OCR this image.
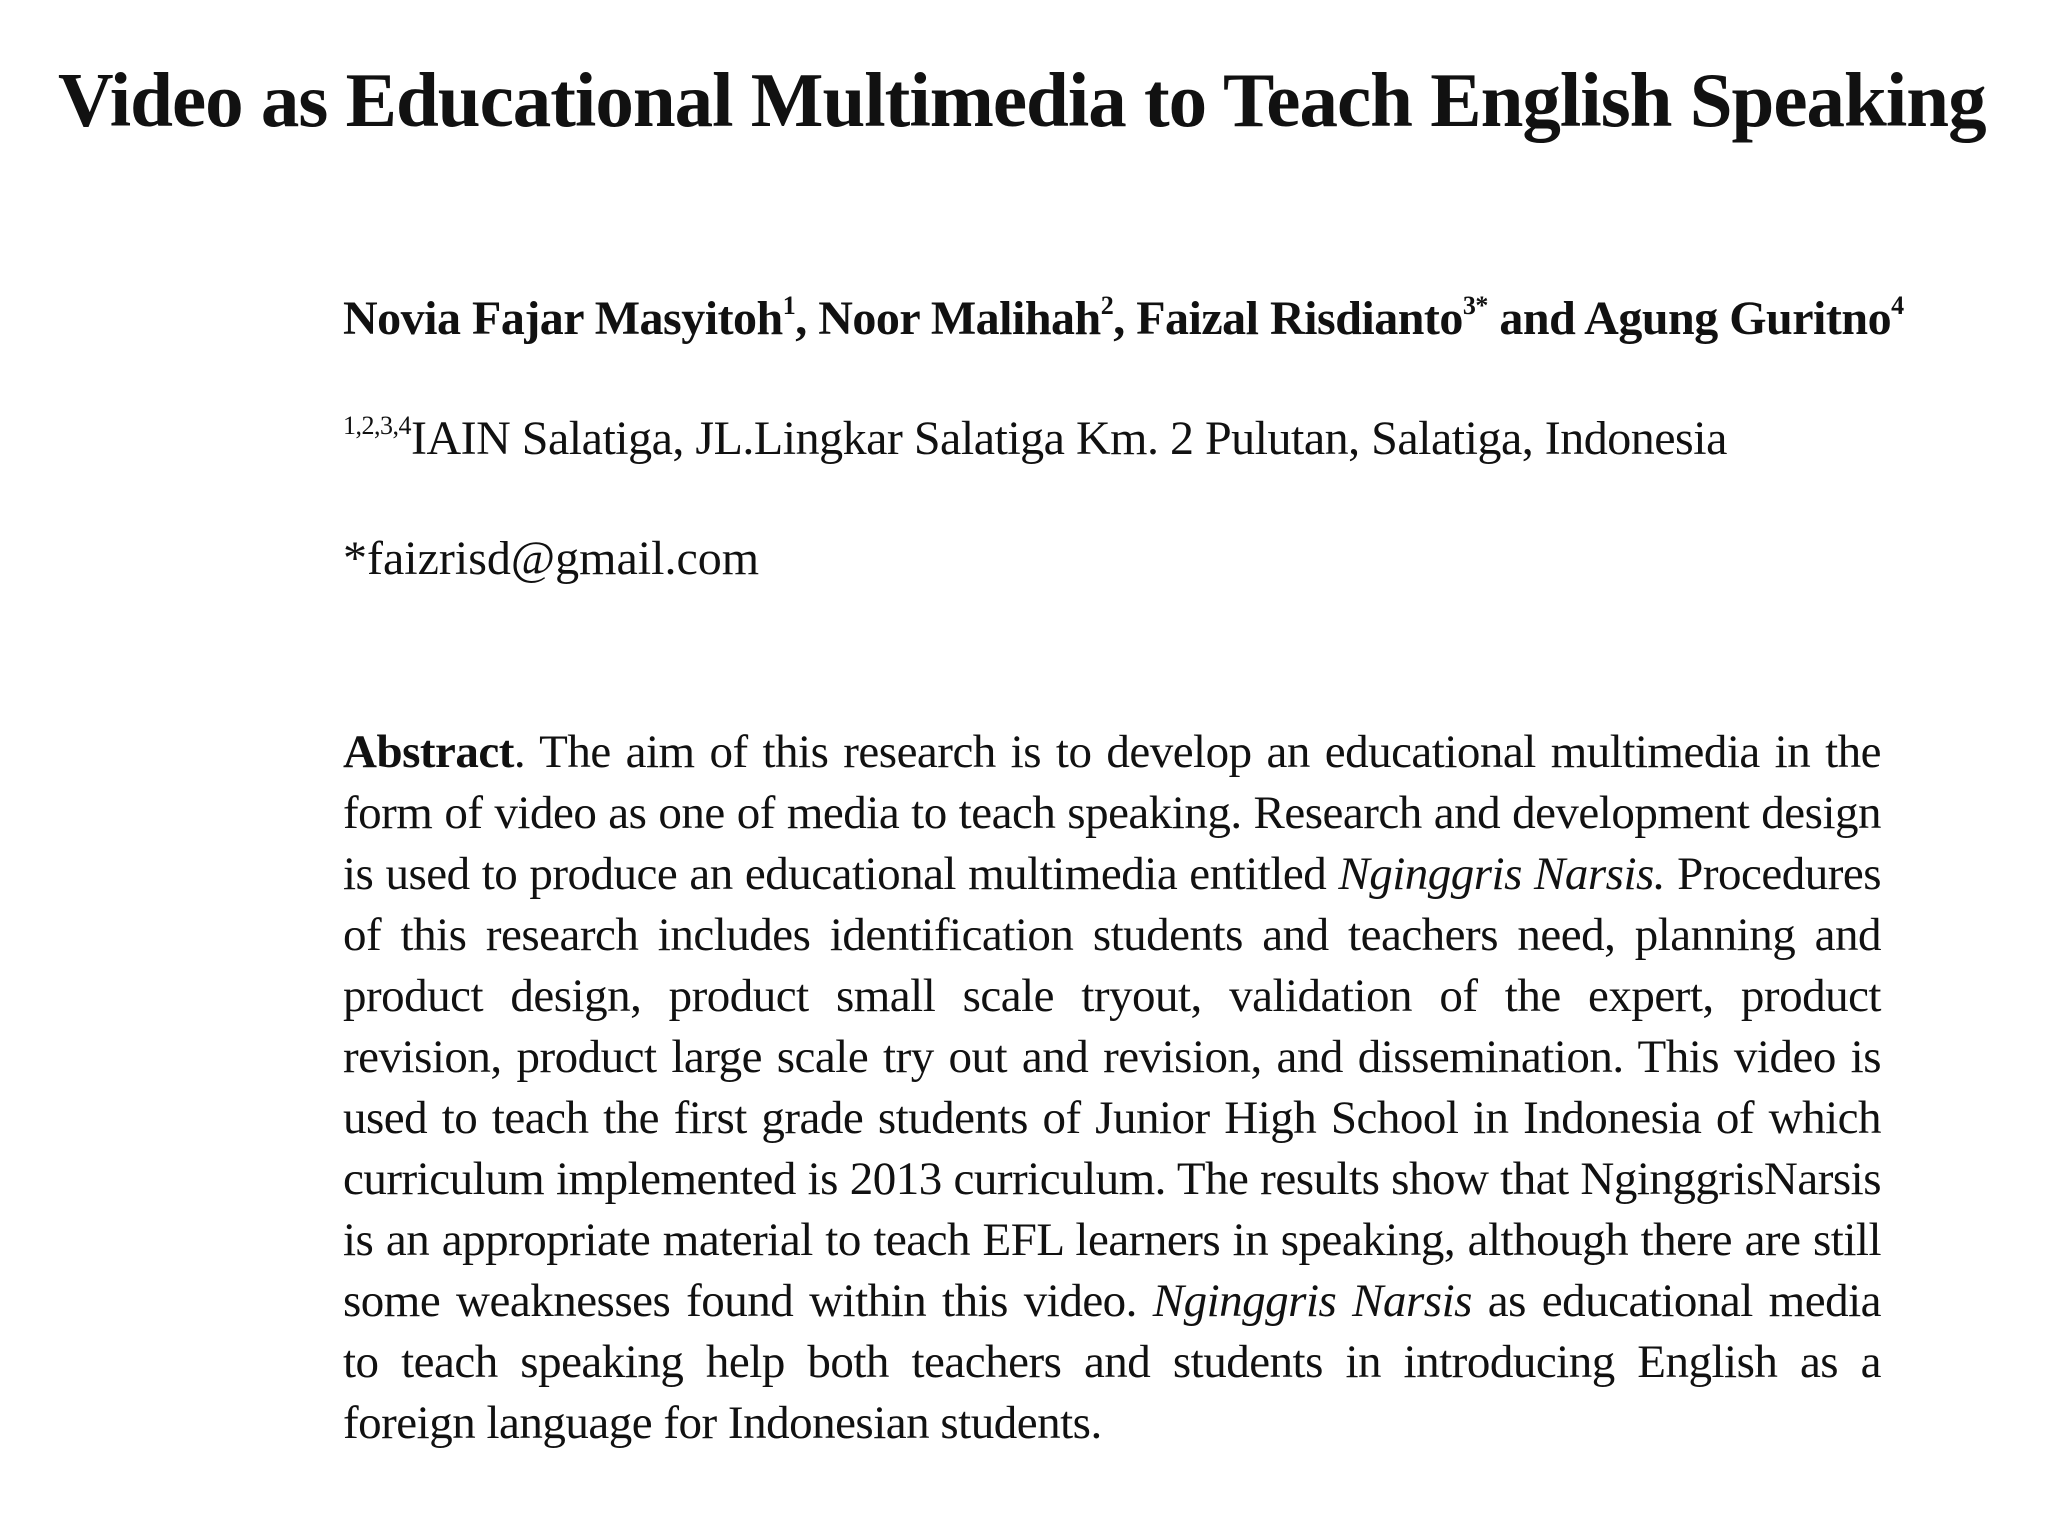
Video as Educational Multimedia to Teach English Speaking

Novia Fajar Masyitoh$^1$, Noor Malihah$^2$, Faizal Risdianto$^{3*}$ and Agung Guritno$^4$

$^{1,2,3,4}$IAIN Salatiga, JL.Lingkar Salatiga Km. 2 Pulutan, Salatiga, Indonesia

*faizrisd@gmail.com

Abstract. The aim of this research is to develop an educational multimedia in the form of video as one of media to teach speaking. Research and development design is used to produce an educational multimedia entitled Nginggris Narsis. Procedures of this research includes identification students and teachers need, planning and product design, product small scale tryout, validation of the expert, product revision, product large scale try out and revision, and dissemination. This video is used to teach the first grade students of Junior High School in Indonesia of which curriculum implemented is 2013 curriculum. The results show that NginggrisNarsis is an appropriate material to teach EFL learners in speaking, although there are still some weaknesses found within this video. Nginggris Narsis as educational media to teach speaking help both teachers and students in introducing English as a foreign language for Indonesian students.
